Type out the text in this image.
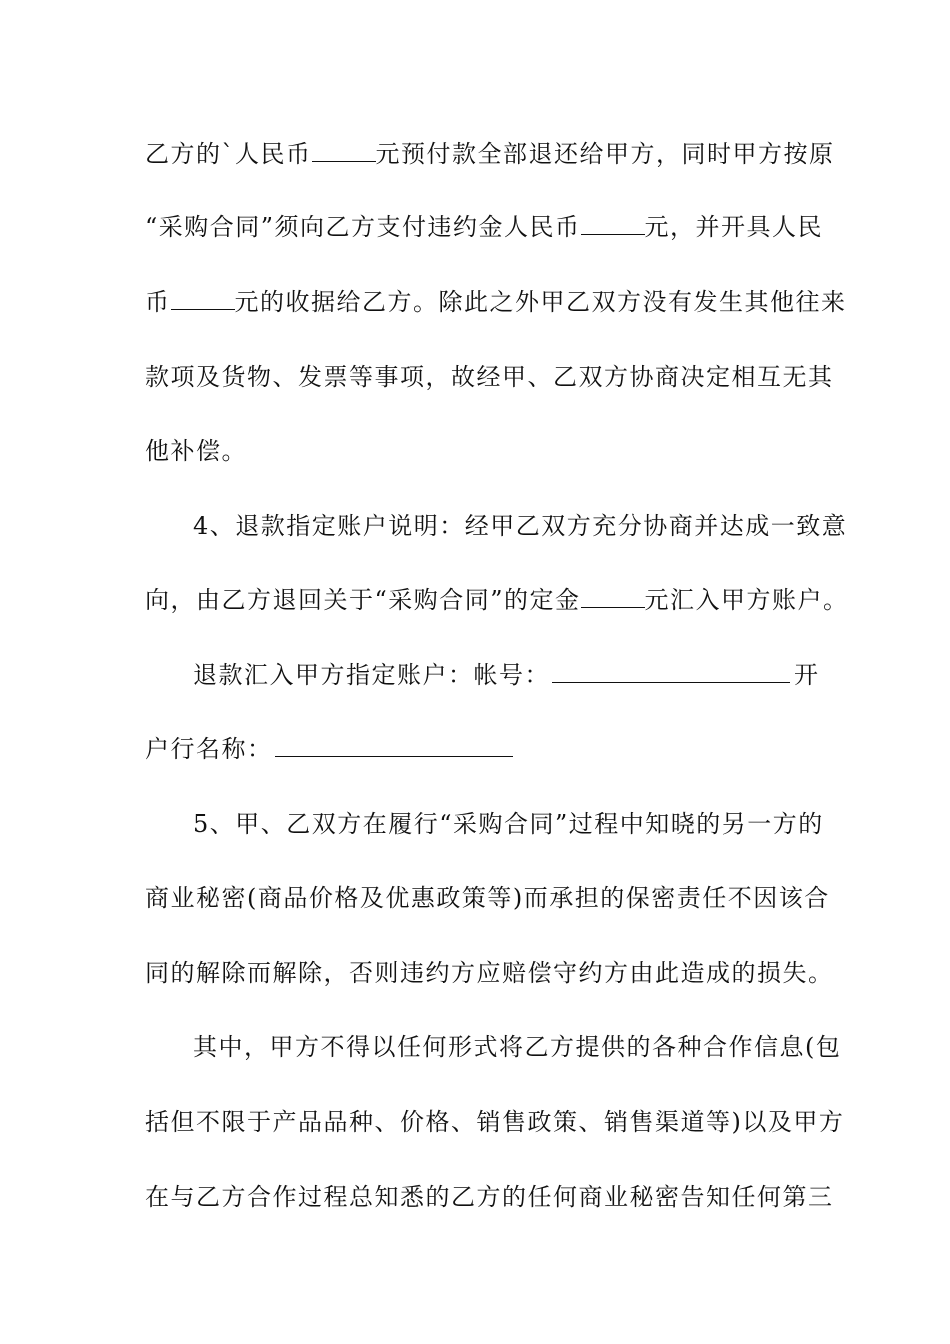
乙方的`人民币	元预付款全部退还给甲方，同时甲方按原
“采购合同”须向乙方支付违约金人民币	元，并开具人民
币	元的收据给乙方。除此之外甲乙双方没有发生其他往来
款项及货物、发票等事项，故经甲、乙双方协商决定相互无其
他补偿。
4、退款指定账户说明：经甲乙双方充分协商并达成一致意
向，由乙方退回关于“采购合同”的定金	元汇入甲方账户。
退款汇入甲方指定账户：帐号：	开
户行名称：
5、甲、乙双方在履行“采购合同”过程中知晓的另一方的
商业秘密(商品价格及优惠政策等)而承担的保密责任不因该合
同的解除而解除，否则违约方应赔偿守约方由此造成的损失。
其中，甲方不得以任何形式将乙方提供的各种合作信息(包
括但不限于产品品种、价格、销售政策、销售渠道等)以及甲方
在与乙方合作过程总知悉的乙方的任何商业秘密告知任何第三
